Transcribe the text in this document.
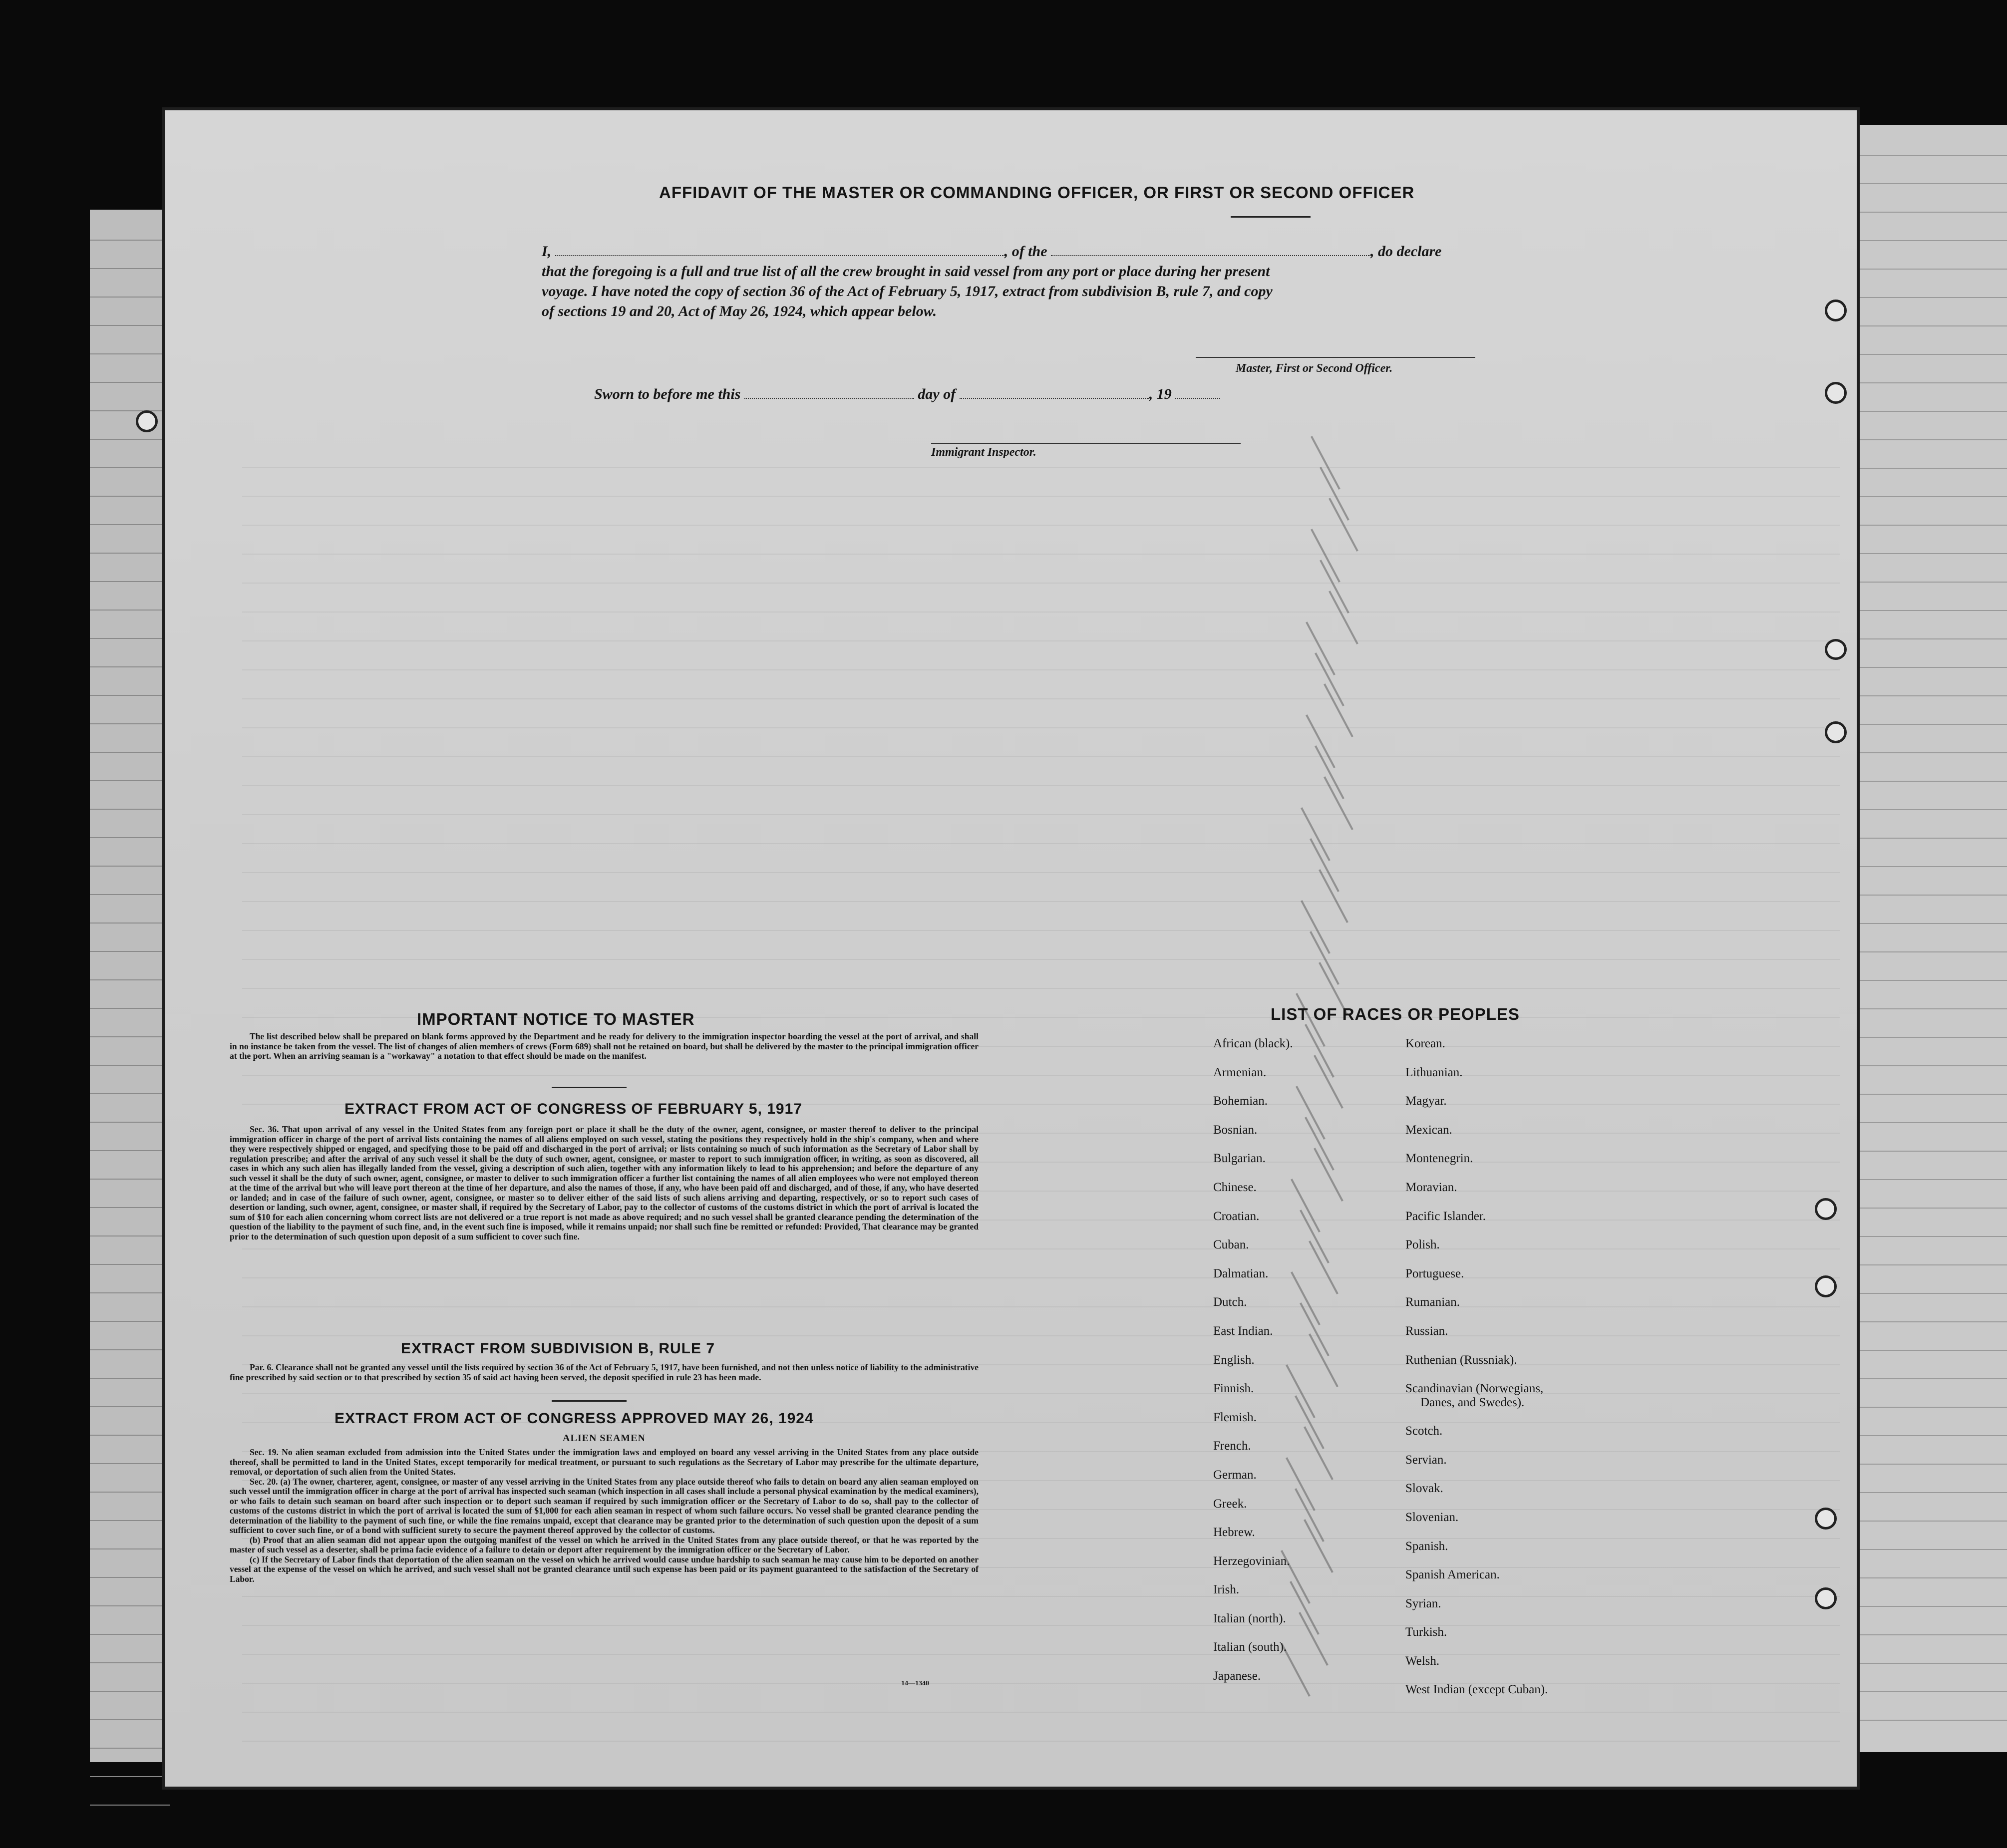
AFFIDAVIT OF THE MASTER OR COMMANDING OFFICER, OR FIRST OR SECOND OFFICER
I,	, of the	, do declare
that the foregoing is a full and true list of all the crew brought in said vessel from any port or place during her present
voyage. I have noted the copy of section 36 of the Act of February 5, 1917, extract from subdivision B, rule 7, and copy
of sections 19 and 20, Act of May 26, 1924, which appear below.
Master, First or Second Officer.
Sworn to before me this	day of	, 19
Immigrant Inspector.
IMPORTANT NOTICE TO MASTER

The list described below shall be prepared on blank forms approved by the Department and be ready for delivery to the immigration inspector boarding the vessel at the port of arrival, and shall in no instance be taken from the vessel. The list of changes of alien members of crews (Form 689) shall not be retained on board, but shall be delivered by the master to the principal immigration officer at the port. When an arriving seaman is a "workaway" a notation to that effect should be made on the manifest.

EXTRACT FROM ACT OF CONGRESS OF FEBRUARY 5, 1917

Sec. 36. That upon arrival of any vessel in the United States from any foreign port or place it shall be the duty of the owner, agent, consignee, or master thereof to deliver to the principal immigration officer in charge of the port of arrival lists containing the names of all aliens employed on such vessel, stating the positions they respectively hold in the ship's company, when and where they were respectively shipped or engaged, and specifying those to be paid off and discharged in the port of arrival; or lists containing so much of such information as the Secretary of Labor shall by regulation prescribe; and after the arrival of any such vessel it shall be the duty of such owner, agent, consignee, or master to report to such immigration officer, in writing, as soon as discovered, all cases in which any such alien has illegally landed from the vessel, giving a description of such alien, together with any information likely to lead to his apprehension; and before the departure of any such vessel it shall be the duty of such owner, agent, consignee, or master to deliver to such immigration officer a further list containing the names of all alien employees who were not employed thereon at the time of the arrival but who will leave port thereon at the time of her departure, and also the names of those, if any, who have been paid off and discharged, and of those, if any, who have deserted or landed; and in case of the failure of such owner, agent, consignee, or master so to deliver either of the said lists of such aliens arriving and departing, respectively, or so to report such cases of desertion or landing, such owner, agent, consignee, or master shall, if required by the Secretary of Labor, pay to the collector of customs of the customs district in which the port of arrival is located the sum of $10 for each alien concerning whom correct lists are not delivered or a true report is not made as above required; and no such vessel shall be granted clearance pending the determination of the question of the liability to the payment of such fine, and, in the event such fine is imposed, while it remains unpaid; nor shall such fine be remitted or refunded: Provided, That clearance may be granted prior to the determination of such question upon deposit of a sum sufficient to cover such fine.

EXTRACT FROM SUBDIVISION B, RULE 7

Par. 6. Clearance shall not be granted any vessel until the lists required by section 36 of the Act of February 5, 1917, have been furnished, and not then unless notice of liability to the administrative fine prescribed by said section or to that prescribed by section 35 of said act having been served, the deposit specified in rule 23 has been made.

EXTRACT FROM ACT OF CONGRESS APPROVED MAY 26, 1924
ALIEN SEAMEN

Sec. 19. No alien seaman excluded from admission into the United States under the immigration laws and employed on board any vessel arriving in the United States from any place outside thereof, shall be permitted to land in the United States, except temporarily for medical treatment, or pursuant to such regulations as the Secretary of Labor may prescribe for the ultimate departure, removal, or deportation of such alien from the United States.

Sec. 20. (a) The owner, charterer, agent, consignee, or master of any vessel arriving in the United States from any place outside thereof who fails to detain on board any alien seaman employed on such vessel until the immigration officer in charge at the port of arrival has inspected such seaman (which inspection in all cases shall include a personal physical examination by the medical examiners), or who fails to detain such seaman on board after such inspection or to deport such seaman if required by such immigration officer or the Secretary of Labor to do so, shall pay to the collector of customs of the customs district in which the port of arrival is located the sum of $1,000 for each alien seaman in respect of whom such failure occurs. No vessel shall be granted clearance pending the determination of the liability to the payment of such fine, or while the fine remains unpaid, except that clearance may be granted prior to the determination of such question upon the deposit of a sum sufficient to cover such fine, or of a bond with sufficient surety to secure the payment thereof approved by the collector of customs.

(b) Proof that an alien seaman did not appear upon the outgoing manifest of the vessel on which he arrived in the United States from any place outside thereof, or that he was reported by the master of such vessel as a deserter, shall be prima facie evidence of a failure to detain or deport after requirement by the immigration officer or the Secretary of Labor.

(c) If the Secretary of Labor finds that deportation of the alien seaman on the vessel on which he arrived would cause undue hardship to such seaman he may cause him to be deported on another vessel at the expense of the vessel on which he arrived, and such vessel shall not be granted clearance until such expense has been paid or its payment guaranteed to the satisfaction of the Secretary of Labor.

14—1340
LIST OF RACES OR PEOPLES
African (black).
Armenian.
Bohemian.
Bosnian.
Bulgarian.
Chinese.
Croatian.
Cuban.
Dalmatian.
Dutch.
East Indian.
English.
Finnish.
Flemish.
French.
German.
Greek.
Hebrew.
Herzegovinian.
Irish.
Italian (north).
Italian (south).
Japanese.
Korean.
Lithuanian.
Magyar.
Mexican.
Montenegrin.
Moravian.
Pacific Islander.
Polish.
Portuguese.
Rumanian.
Russian.
Ruthenian (Russniak).
Scandinavian (Norwegians,
Danes, and Swedes).
Scotch.
Servian.
Slovak.
Slovenian.
Spanish.
Spanish American.
Syrian.
Turkish.
Welsh.
West Indian (except Cuban).
